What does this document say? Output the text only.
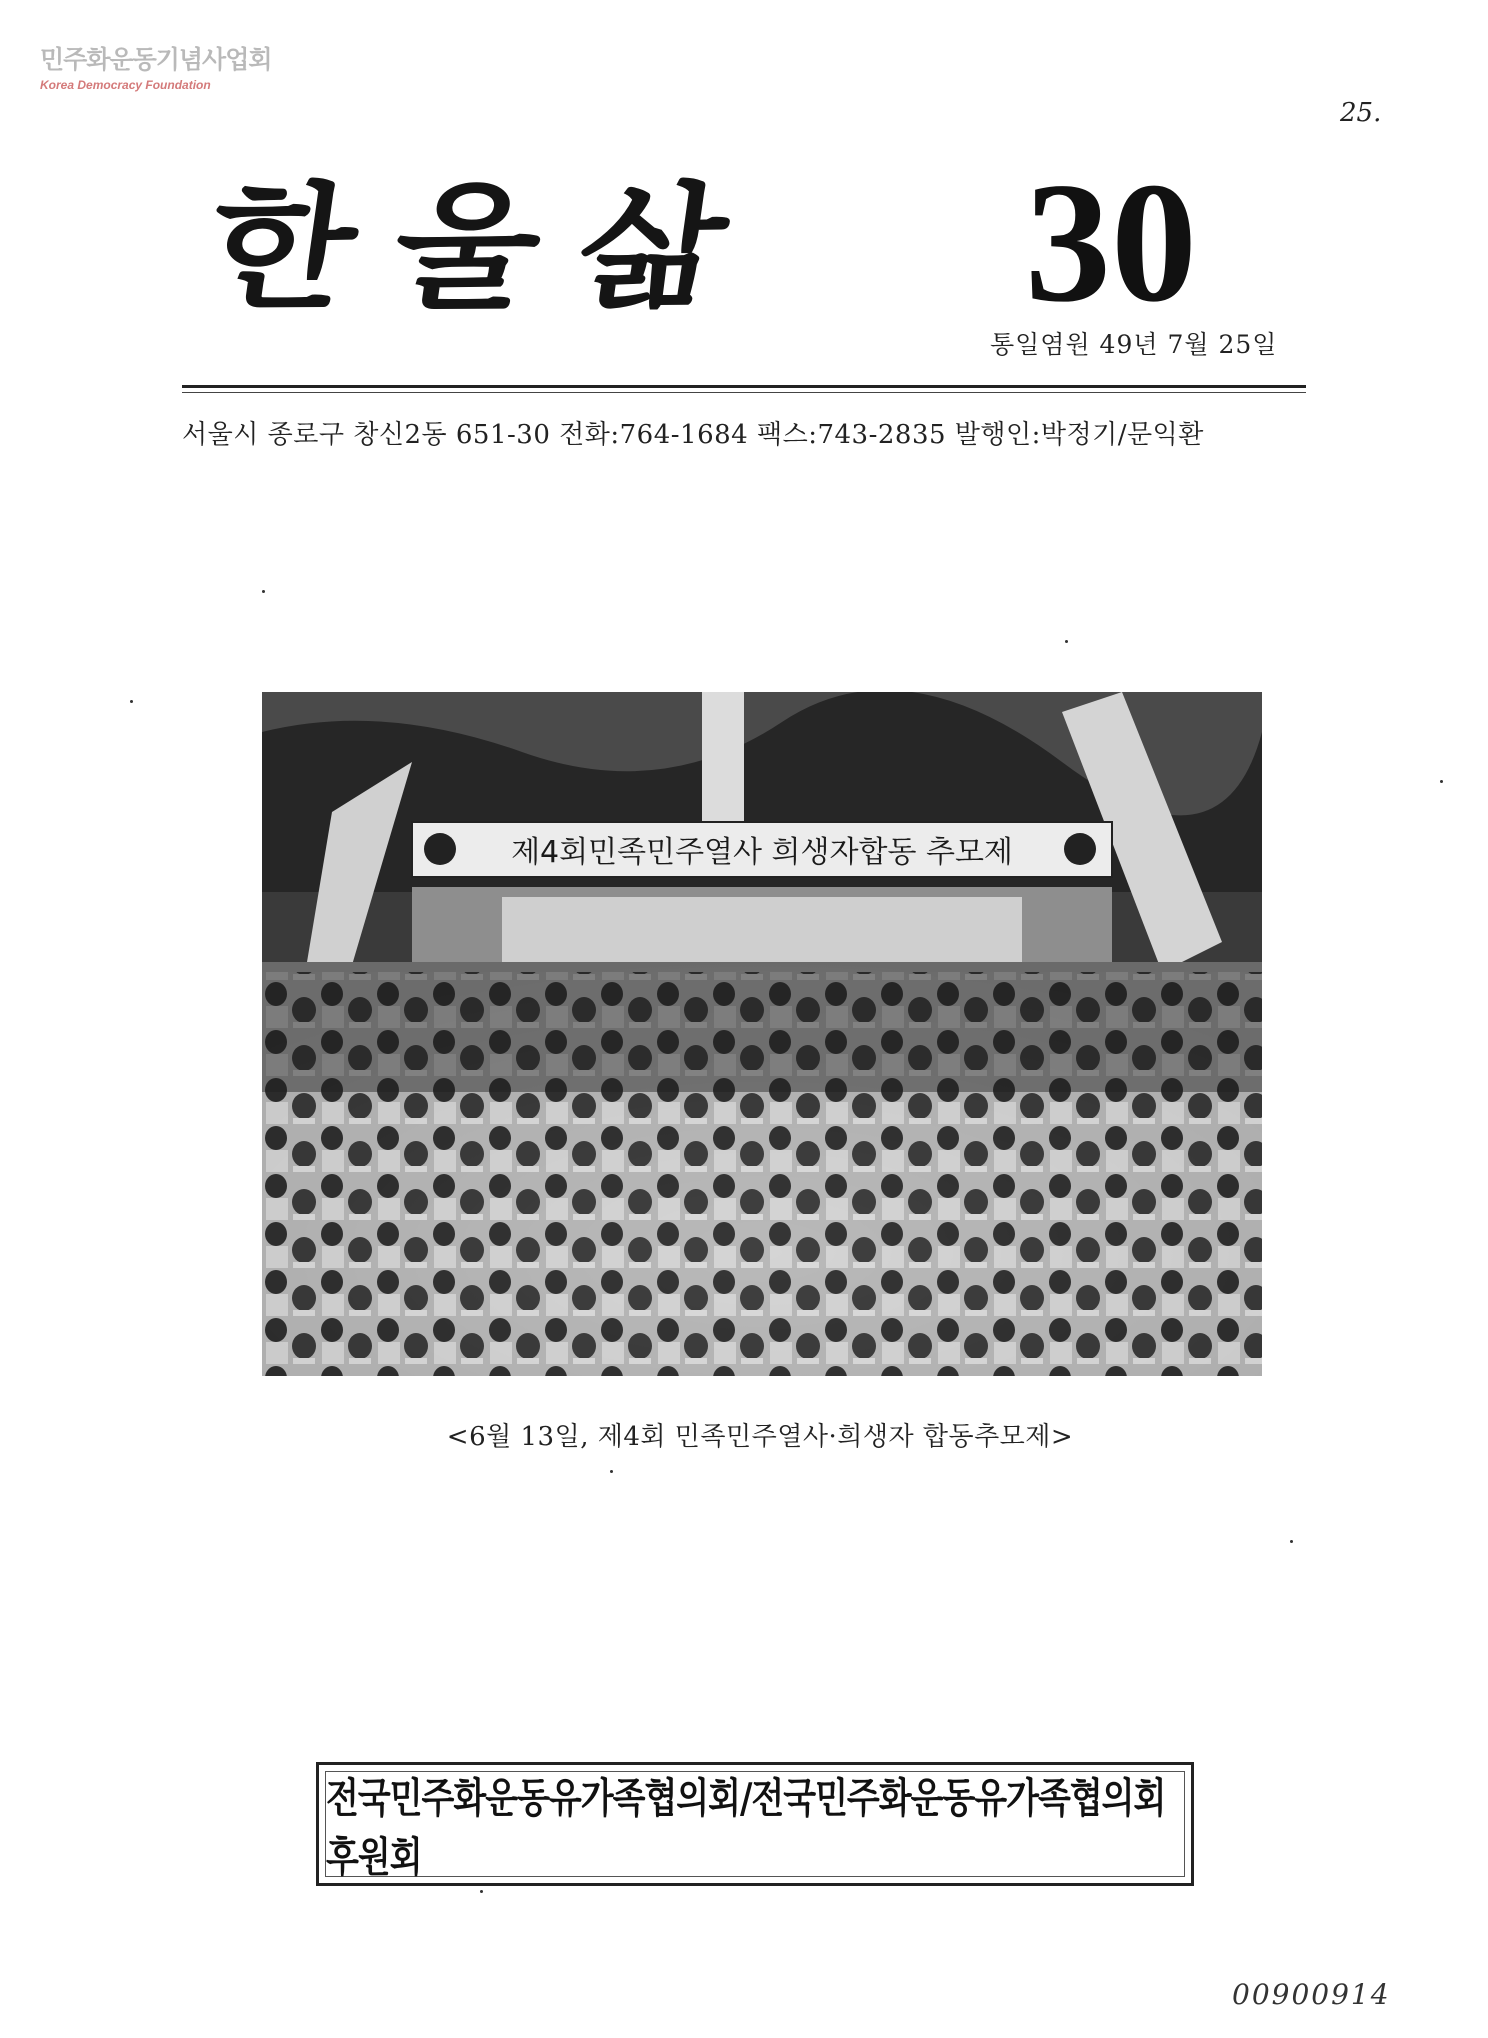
민주화운동기념사업회
Korea Democracy Foundation
25.
한울삶 30
통일염원 49년 7월 25일
서울시 종로구 창신2동 651-30 전화:764-1684 팩스:743-2835 발행인:박정기/문익환
제4회민족민주열사 희생자합동 추모제
<6월 13일, 제4회 민족민주열사·희생자 합동추모제>
전국민주화운동유가족협의회/전국민주화운동유가족협의회후원회
00900914
